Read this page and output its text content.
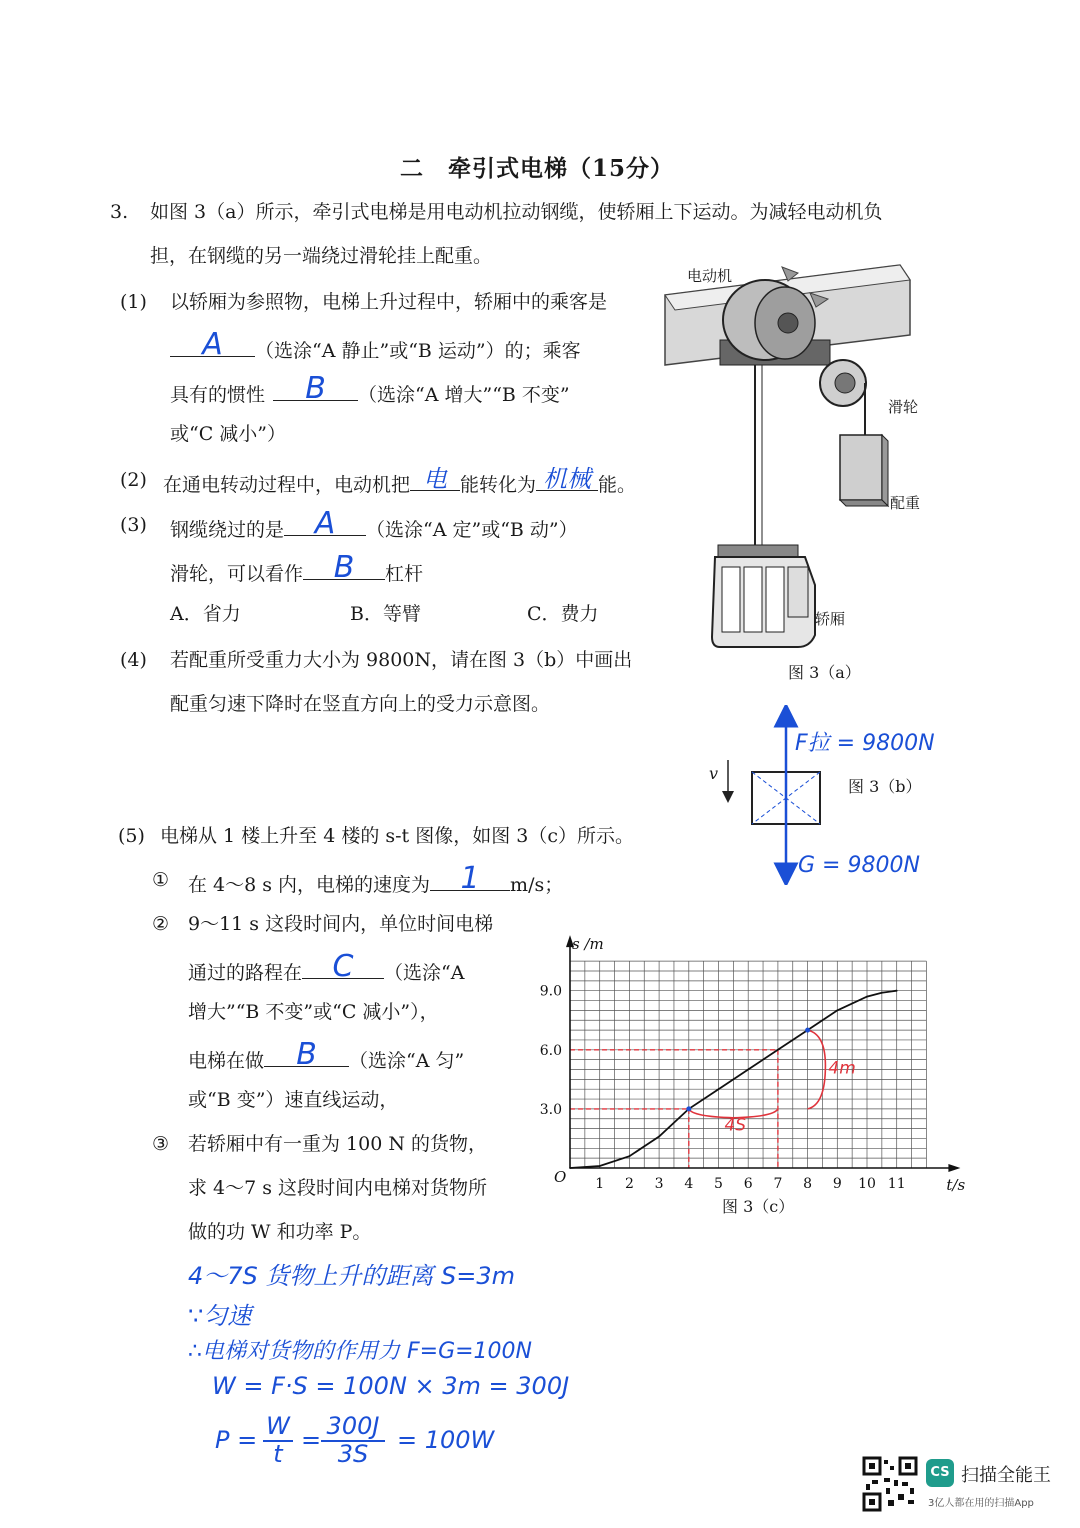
二　牵引式电梯（15分）
3. 如图 3（a）所示，牵引式电梯是用电动机拉动钢缆，使轿厢上下运动。为减轻电动机负
担，在钢缆的另一端绕过滑轮挂上配重。
(1) 以轿厢为参照物，电梯上升过程中，轿厢中的乘客是
A	（选涂“A 静止”或“B 运动”）的；乘客
具有的惯性	B	（选涂“A 增大”“B 不变”
或“C 减小”）
(2) 在通电转动过程中，电动机把 电 能转化为 机械 能。
(3) 钢缆绕过的是	A	（选涂“A 定”或“B 动”）
滑轮，可以看作	B	杠杆
A．省力	B．等臂	C．费力
(4) 若配重所受重力大小为 9800N，请在图 3（b）中画出
配重匀速下降时在竖直方向上的受力示意图。
电动机
滑轮
配重
轿厢
图 3（a）
v
F拉 = 9800N
G = 9800N
图 3（b）
(5) 电梯从 1 楼上升至 4 楼的 s-t 图像，如图 3（c）所示。
① 在 4～8 s 内，电梯的速度为	1	m/s；
② 9～11 s 这段时间内，单位时间电梯
通过的路程在	C	（选涂“A
增大”“B 不变”或“C 减小”），
电梯在做	B	（选涂“A 匀”
或“B 变”）速直线运动，
③ 若轿厢中有一重为 100 N 的货物，
求 4～7 s 这段时间内电梯对货物所
做的功 W 和功率 P。
t/s
s /m
O 1 2 3 4 5 6 7 8 9 10 11
3.0
6.0
9.0
4S
4m
图 3（c）
4～7S 货物上升的距离 S=3m
∵匀速
∴电梯对货物的作用力 F=G=100N
W = F·S = 100N × 3m = 300J
P = W
t = 300J
3S	= 100W
CS 扫描全能王
3亿人都在用的扫描App
